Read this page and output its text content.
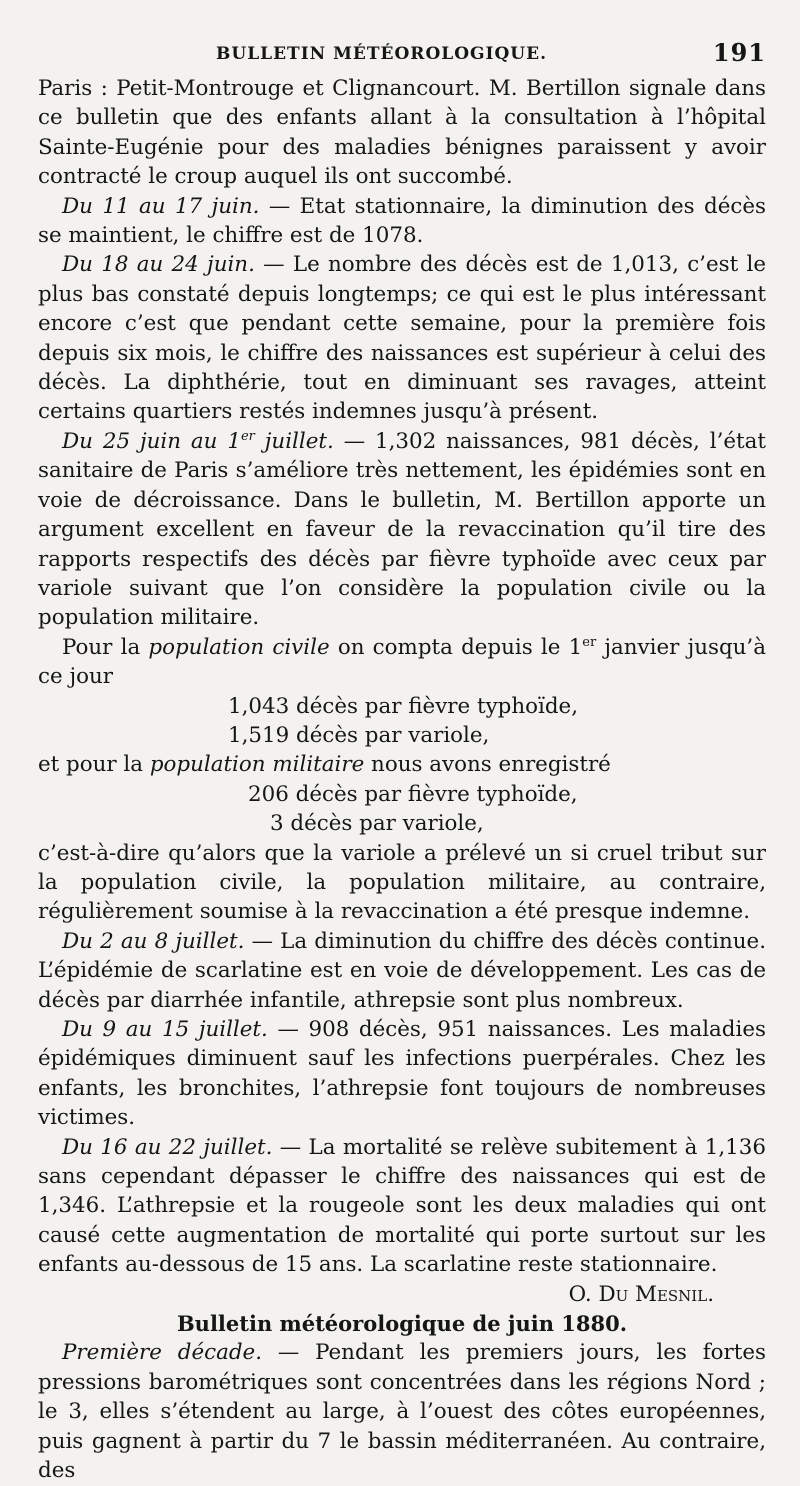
BULLETIN MÉTÉOROLOGIQUE.	191

Paris : Petit-Montrouge et Clignancourt. M. Bertillon signale dans ce bulletin que des enfants allant à la consultation à l’hôpital Sainte-Eugénie pour des maladies bénignes paraissent y avoir contracté le croup auquel ils ont succombé.

Du 11 au 17 juin. — Etat stationnaire, la diminution des décès se maintient, le chiffre est de 1078.

Du 18 au 24 juin. — Le nombre des décès est de 1,013, c’est le plus bas constaté depuis longtemps; ce qui est le plus intéressant encore c’est que pendant cette semaine, pour la première fois depuis six mois, le chiffre des naissances est supérieur à celui des décès. La diphthérie, tout en diminuant ses ravages, atteint certains quartiers restés indemnes jusqu’à présent.

Du 25 juin au 1er juillet. — 1,302 naissances, 981 décès, l’état sanitaire de Paris s’améliore très nettement, les épidémies sont en voie de décroissance. Dans le bulletin, M. Bertillon apporte un argument excellent en faveur de la revaccination qu’il tire des rapports respectifs des décès par fièvre typhoïde avec ceux par variole suivant que l’on considère la population civile ou la population militaire.

Pour la population civile on compta depuis le 1er janvier jusqu’à ce jour

1,043 décès par fièvre typhoïde,

1,519 décès par variole,

et pour la population militaire nous avons enregistré

206 décès par fièvre typhoïde,

3 décès par variole,

c’est-à-dire qu’alors que la variole a prélevé un si cruel tribut sur la population civile, la population militaire, au contraire, régulièrement soumise à la revaccination a été presque indemne.

Du 2 au 8 juillet. — La diminution du chiffre des décès continue. L’épidémie de scarlatine est en voie de développement. Les cas de décès par diarrhée infantile, athrepsie sont plus nombreux.

Du 9 au 15 juillet. — 908 décès, 951 naissances. Les maladies épidémiques diminuent sauf les infections puerpérales. Chez les enfants, les bronchites, l’athrepsie font toujours de nombreuses victimes.

Du 16 au 22 juillet. — La mortalité se relève subitement à 1,136 sans cependant dépasser le chiffre des naissances qui est de 1,346. L’athrepsie et la rougeole sont les deux maladies qui ont causé cette augmentation de mortalité qui porte surtout sur les enfants au-dessous de 15 ans. La scarlatine reste stationnaire.

O. Du Mesnil.

Bulletin météorologique de juin 1880.

Première décade. — Pendant les premiers jours, les fortes pressions barométriques sont concentrées dans les régions Nord ; le 3, elles s’étendent au large, à l’ouest des côtes européennes, puis gagnent à partir du 7 le bassin méditerranéen. Au contraire, des
